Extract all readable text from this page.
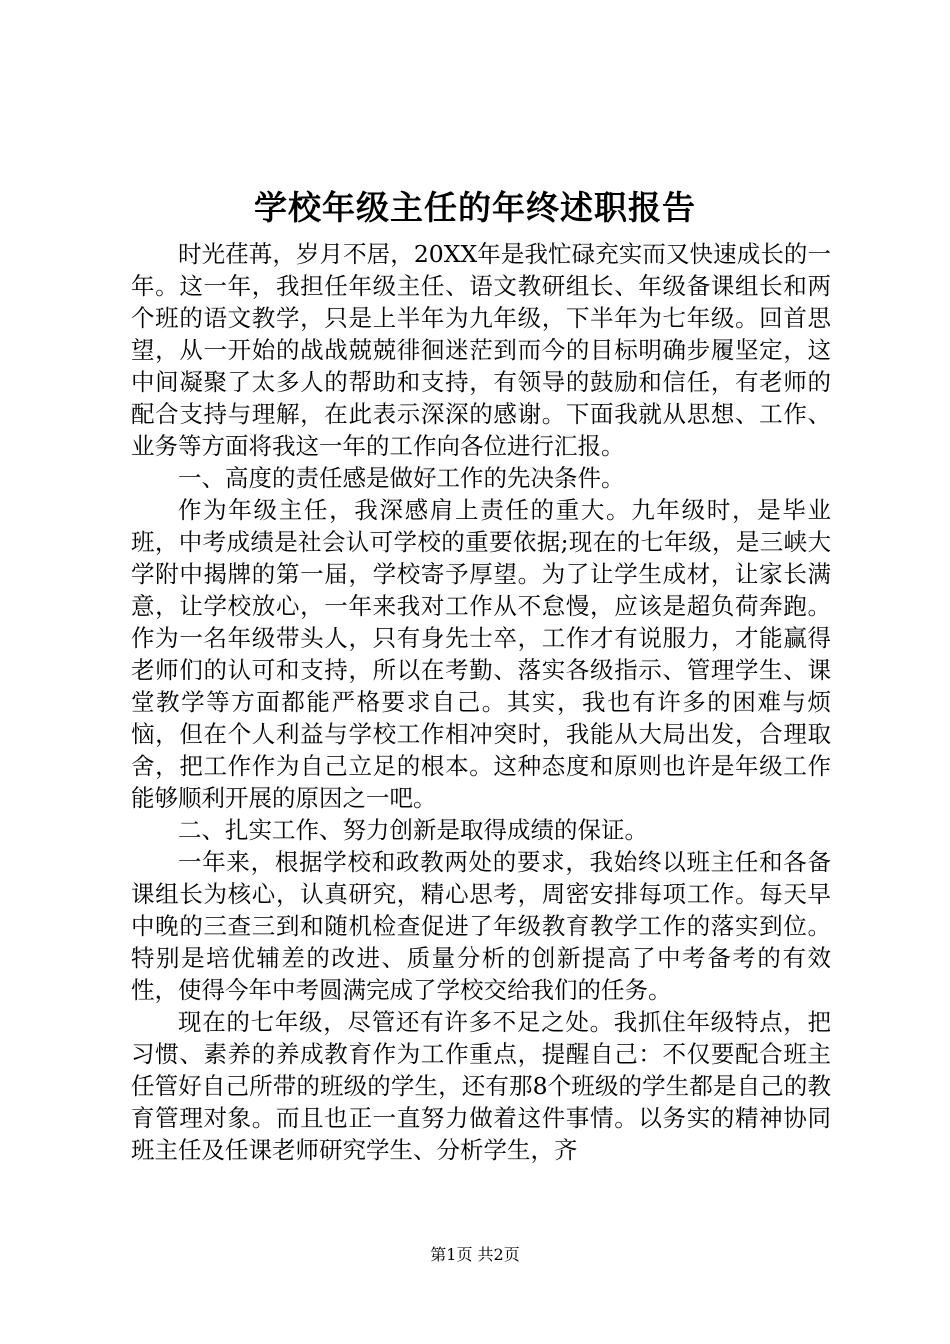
学校年级主任的年终述职报告

时光荏苒，岁月不居，20XX年是我忙碌充实而又快速成长的一年。这一年，我担任年级主任、语文教研组长、年级备课组长和两个班的语文教学，只是上半年为九年级，下半年为七年级。回首思望，从一开始的战战兢兢徘徊迷茫到而今的目标明确步履坚定，这中间凝聚了太多人的帮助和支持，有领导的鼓励和信任，有老师的配合支持与理解，在此表示深深的感谢。下面我就从思想、工作、业务等方面将我这一年的工作向各位进行汇报。

一、高度的责任感是做好工作的先决条件。

作为年级主任，我深感肩上责任的重大。九年级时，是毕业班，中考成绩是社会认可学校的重要依据;现在的七年级，是三峡大学附中揭牌的第一届，学校寄予厚望。为了让学生成材，让家长满意，让学校放心，一年来我对工作从不怠慢，应该是超负荷奔跑。作为一名年级带头人，只有身先士卒，工作才有说服力，才能赢得老师们的认可和支持，所以在考勤、落实各级指示、管理学生、课堂教学等方面都能严格要求自己。其实，我也有许多的困难与烦恼，但在个人利益与学校工作相冲突时，我能从大局出发，合理取舍，把工作作为自己立足的根本。这种态度和原则也许是年级工作能够顺利开展的原因之一吧。

二、扎实工作、努力创新是取得成绩的保证。

一年来，根据学校和政教两处的要求，我始终以班主任和各备课组长为核心，认真研究，精心思考，周密安排每项工作。每天早中晚的三查三到和随机检查促进了年级教育教学工作的落实到位。特别是培优辅差的改进、质量分析的创新提高了中考备考的有效性，使得今年中考圆满完成了学校交给我们的任务。

现在的七年级，尽管还有许多不足之处。我抓住年级特点，把习惯、素养的养成教育作为工作重点，提醒自己：不仅要配合班主任管好自己所带的班级的学生，还有那8个班级的学生都是自己的教育管理对象。而且也正一直努力做着这件事情。以务实的精神协同班主任及任课老师研究学生、分析学生，齐

第1页 共2页
